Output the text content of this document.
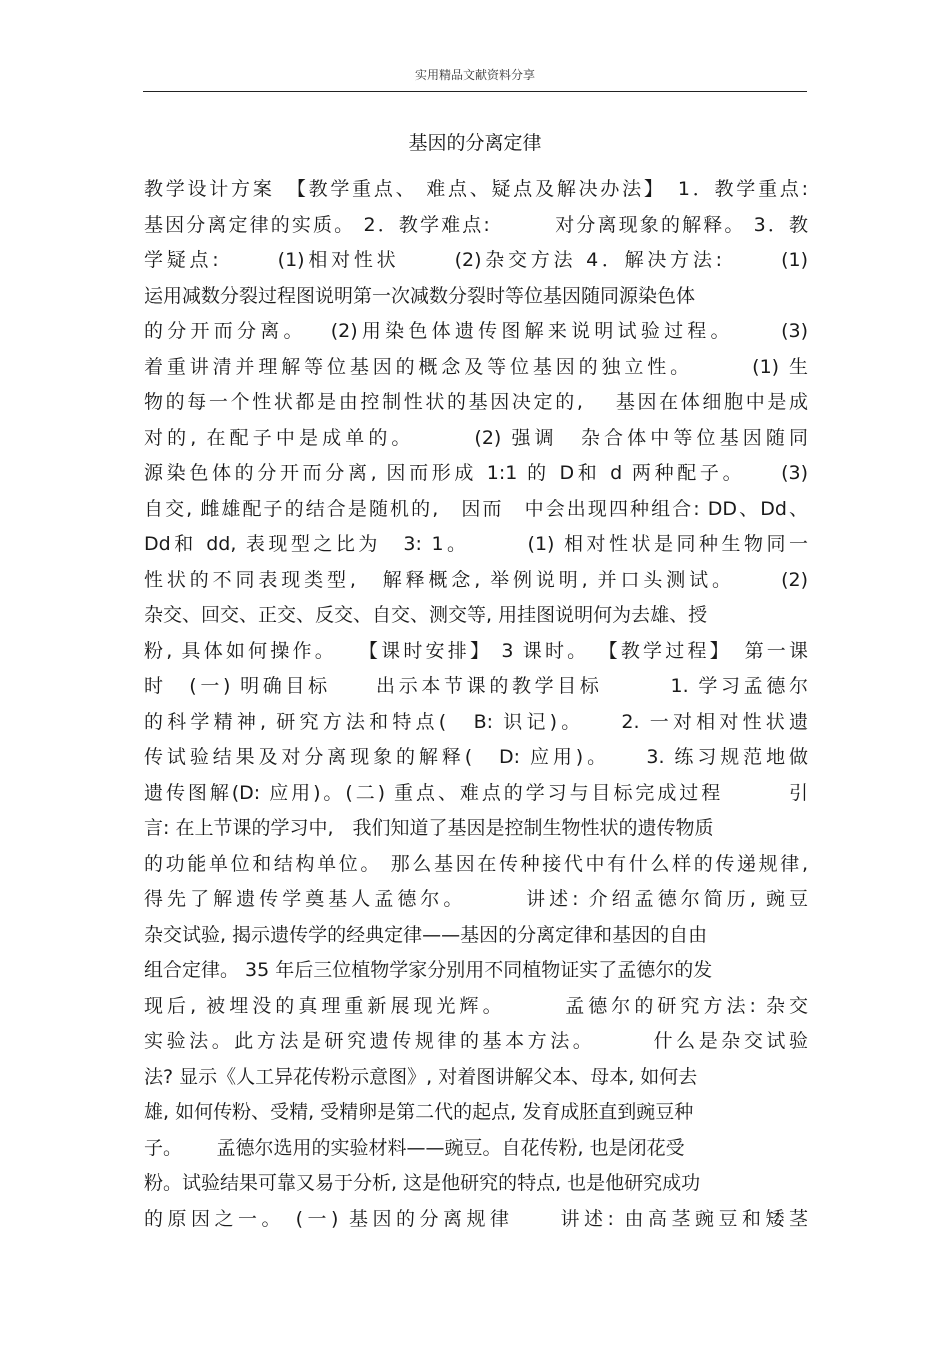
实用精品文献资料分享
基因的分离定律
教学设计方案　【教学重点、 难点、疑点及解决办法】　1．教学重点:
基因分离定律的实质。 2．教学难点:　　　对分离现象的解释。 3．教
学疑点:　　 (1)相对性状　　 (2)杂交方法 4．解决方法:　　 (1)
运用减数分裂过程图说明第一次减数分裂时等位基因随同源染色体
的分开而分离。　 (2)用染色体遗传图解来说明试验过程。　　 (3)
着重讲清并理解等位基因的概念及等位基因的独立性。　　　(1) 生
物的每一个性状都是由控制性状的基因决定的,　 基因在体细胞中是成
对的, 在配子中是成单的。　　　(2) 强调　杂合体中等位基因随同
源染色体的分开而分离, 因而形成 1:1 的 D和 d 两种配子。　　(3)
自交, 雌雄配子的结合是随机的,　因而　中会出现四种组合: DD、Dd、
Dd和 dd, 表现型之比为　3: 1。　　　(1) 相对性状是同种生物同一
性状的不同表现类型,　解释概念, 举例说明, 并口头测试。　　 (2)
杂交、回交、正交、反交、自交、测交等, 用挂图说明何为去雄、授
粉, 具体如何操作。　 【课时安排】 3 课时。 【教学过程】　第一课
时　(一) 明确目标　　出示本节课的教学目标　　　1. 学习孟德尔
的科学精神, 研究方法和特点(　B: 识记)。　　2. 一对相对性状遗
传试验结果及对分离现象的解释(　D: 应用)。　　3. 练习规范地做
遗传图解(D: 应用)。(二) 重点、难点的学习与目标完成过程　　　引
言: 在上节课的学习中,　我们知道了基因是控制生物性状的遗传物质
的功能单位和结构单位。 那么基因在传种接代中有什么样的传递规律,
得先了解遗传学奠基人孟德尔。　　　讲述: 介绍孟德尔简历, 豌豆
杂交试验, 揭示遗传学的经典定律——基因的分离定律和基因的自由
组合定律。 35 年后三位植物学家分别用不同植物证实了孟德尔的发
现后, 被埋没的真理重新展现光辉。　　　孟德尔的研究方法: 杂交
实验法。此方法是研究遗传规律的基本方法。　　　什么是杂交试验
法? 显示《人工异花传粉示意图》, 对着图讲解父本、母本, 如何去
雄, 如何传粉、受精, 受精卵是第二代的起点, 发育成胚直到豌豆种
子。　　 孟德尔选用的实验材料——豌豆。自花传粉, 也是闭花受
粉。试验结果可靠又易于分析, 这是他研究的特点, 也是他研究成功
的原因之一。 (一) 基因的分离规律　　讲述: 由高茎豌豆和矮茎
